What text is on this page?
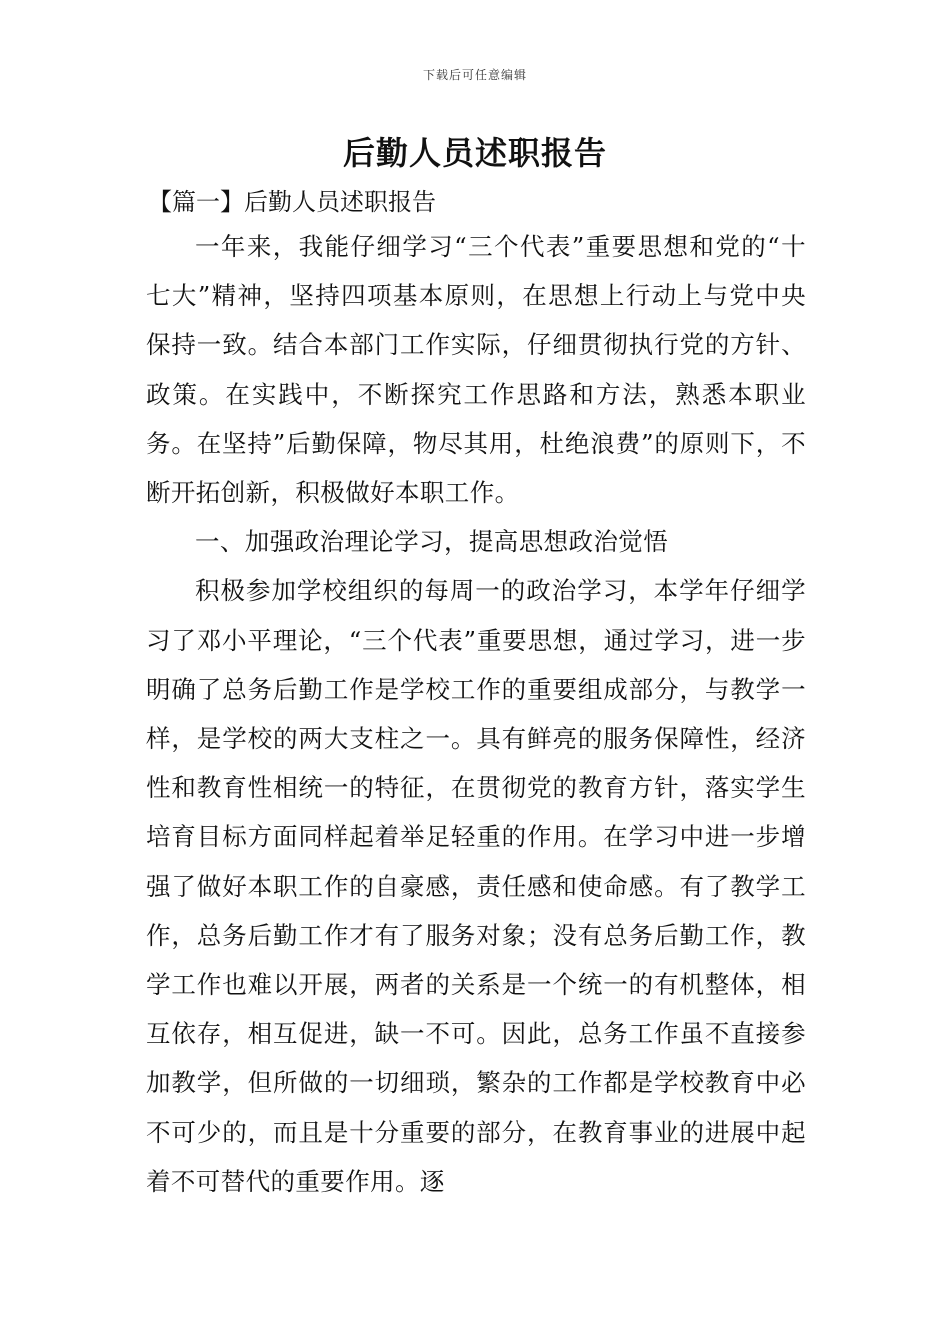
下载后可任意编辑
后勤人员述职报告
【篇一】后勤人员述职报告

一年来，我能仔细学习“三个代表”重要思想和党的“十七大”精神，坚持四项基本原则，在思想上行动上与党中央保持一致。结合本部门工作实际，仔细贯彻执行党的方针、政策。在实践中，不断探究工作思路和方法，熟悉本职业务。在坚持”后勤保障，物尽其用，杜绝浪费”的原则下，不断开拓创新，积极做好本职工作。

一、加强政治理论学习，提高思想政治觉悟

积极参加学校组织的每周一的政治学习，本学年仔细学习了邓小平理论，“三个代表”重要思想，通过学习，进一步明确了总务后勤工作是学校工作的重要组成部分，与教学一样，是学校的两大支柱之一。具有鲜亮的服务保障性，经济性和教育性相统一的特征，在贯彻党的教育方针，落实学生培育目标方面同样起着举足轻重的作用。在学习中进一步增强了做好本职工作的自豪感，责任感和使命感。有了教学工作，总务后勤工作才有了服务对象；没有总务后勤工作，教学工作也难以开展，两者的关系是一个统一的有机整体，相互依存，相互促进，缺一不可。因此，总务工作虽不直接参加教学，但所做的一切细琐，繁杂的工作都是学校教育中必不可少的，而且是十分重要的部分，在教育事业的进展中起着不可替代的重要作用。逐
